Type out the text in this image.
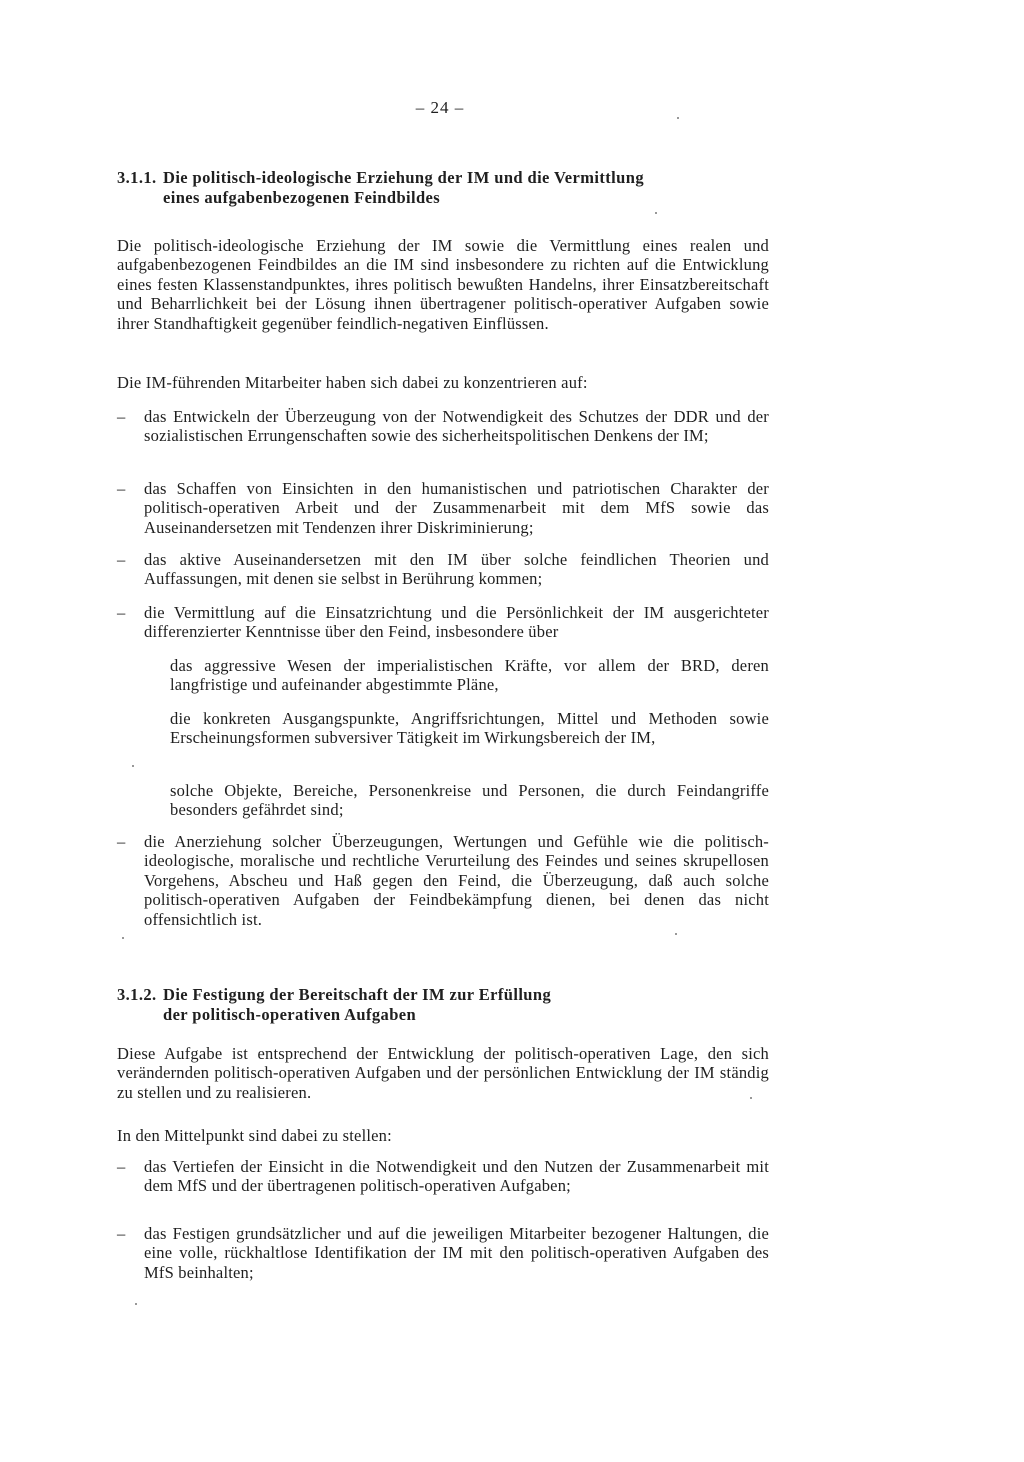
– 24 –
3.1.1. Die politisch-ideologische Erziehung der IM und die Vermittlung
eines aufgabenbezogenen Feindbildes

Die politisch-ideologische Erziehung der IM sowie die Vermittlung eines realen und aufgabenbezogenen Feindbildes an die IM sind insbesondere zu richten auf die Entwicklung eines festen Klassenstandpunktes, ihres politisch bewußten Handelns, ihrer Einsatzbereitschaft und Beharrlichkeit bei der Lösung ihnen übertragener politisch-operativer Aufgaben sowie ihrer Standhaftigkeit gegenüber feindlich-negativen Einflüssen.

Die IM-führenden Mitarbeiter haben sich dabei zu konzentrieren auf:

–	das Entwickeln der Überzeugung von der Notwendigkeit des Schutzes der DDR und der sozialistischen Errungenschaften sowie des sicherheitspolitischen Denkens der IM;
–	das Schaffen von Einsichten in den humanistischen und patriotischen Charakter der politisch-operativen Arbeit und der Zusammenarbeit mit dem MfS sowie das Auseinandersetzen mit Tendenzen ihrer Diskriminierung;
–	das aktive Auseinandersetzen mit den IM über solche feindlichen Theorien und Auffassungen, mit denen sie selbst in Berührung kommen;
–	die Vermittlung auf die Einsatzrichtung und die Persönlichkeit der IM ausgerichteter differenzierter Kenntnisse über den Feind, insbesondere über

das aggressive Wesen der imperialistischen Kräfte, vor allem der BRD, deren langfristige und aufeinander abgestimmte Pläne,

die konkreten Ausgangspunkte, Angriffsrichtungen, Mittel und Methoden sowie Erscheinungsformen subversiver Tätigkeit im Wirkungsbereich der IM,

solche Objekte, Bereiche, Personenkreise und Personen, die durch Feindangriffe besonders gefährdet sind;

–	die Anerziehung solcher Überzeugungen, Wertungen und Gefühle wie die politisch-ideologische, moralische und rechtliche Verurteilung des Feindes und seines skrupellosen Vorgehens, Abscheu und Haß gegen den Feind, die Überzeugung, daß auch solche politisch-operativen Aufgaben der Feindbekämpfung dienen, bei denen das nicht offensichtlich ist.
3.1.2. Die Festigung der Bereitschaft der IM zur Erfüllung
der politisch-operativen Aufgaben

Diese Aufgabe ist entsprechend der Entwicklung der politisch-operativen Lage, den sich verändernden politisch-operativen Aufgaben und der persönlichen Entwicklung der IM ständig zu stellen und zu realisieren.

In den Mittelpunkt sind dabei zu stellen:

–	das Vertiefen der Einsicht in die Notwendigkeit und den Nutzen der Zusammenarbeit mit dem MfS und der übertragenen politisch-operativen Aufgaben;
–	das Festigen grundsätzlicher und auf die jeweiligen Mitarbeiter bezogener Haltungen, die eine volle, rückhaltlose Identifikation der IM mit den politisch-operativen Aufgaben des MfS beinhalten;
